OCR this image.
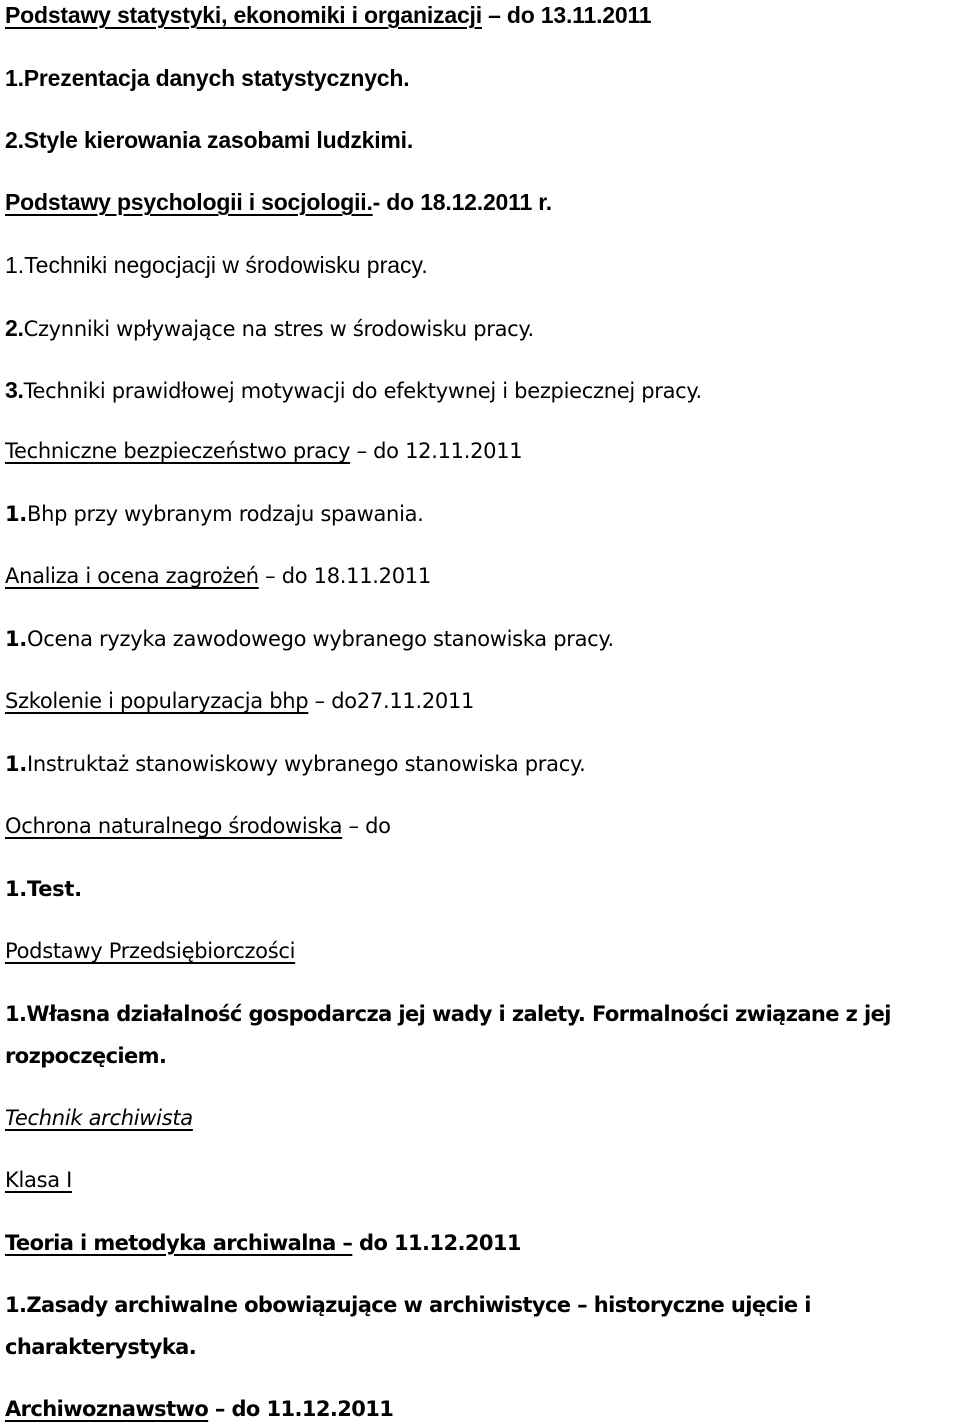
Podstawy statystyki, ekonomiki i organizacji – do 13.11.2011
1.Prezentacja danych statystycznych.
2.Style kierowania zasobami ludzkimi.
Podstawy psychologii i socjologii.- do 18.12.2011 r.
1.Techniki negocjacji w środowisku pracy.
2.Czynniki wpływające na stres w środowisku pracy.
3.Techniki prawidłowej motywacji do efektywnej i bezpiecznej pracy.
Techniczne bezpieczeństwo pracy – do 12.11.2011
1.Bhp przy wybranym rodzaju spawania.
Analiza i ocena zagrożeń – do 18.11.2011
1.Ocena ryzyka zawodowego wybranego stanowiska pracy.
Szkolenie i popularyzacja bhp – do27.11.2011
1.Instruktaż stanowiskowy wybranego stanowiska pracy.
Ochrona naturalnego środowiska – do
1.Test.
Podstawy Przedsiębiorczości
1.Własna działalność gospodarcza jej wady i zalety. Formalności związane z jej
rozpoczęciem.
Technik archiwista
Klasa I
Teoria i metodyka archiwalna – do 11.12.2011
1.Zasady archiwalne obowiązujące w archiwistyce – historyczne ujęcie i
charakterystyka.
Archiwoznawstwo – do 11.12.2011
